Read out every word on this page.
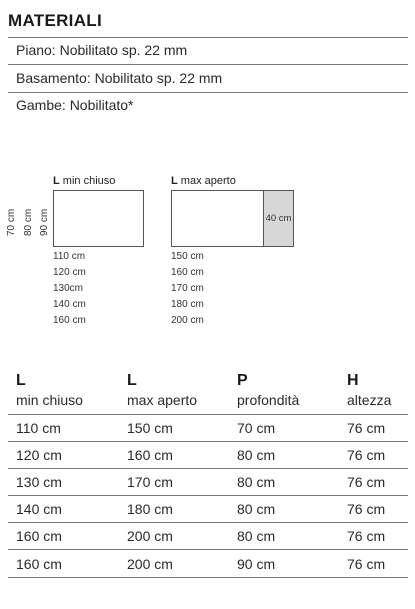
MATERIALI
Piano: Nobilitato sp. 22 mm
Basamento: Nobilitato sp. 22 mm
Gambe: Nobilitato*
70 cm 80 cm 90 cm
L min chiuso
110 cm
120 cm
130cm
140 cm
160 cm
L max aperto
40 cm
150 cm
160 cm
170 cm
180 cm
200 cm
L	L	P	H
min chiuso	max aperto	profondità	altezza
110 cm	150 cm	70 cm	76 cm
120 cm	160 cm	80 cm	76 cm
130 cm	170 cm	80 cm	76 cm
140 cm	180 cm	80 cm	76 cm
160 cm	200 cm	80 cm	76 cm
160 cm	200 cm	90 cm	76 cm
